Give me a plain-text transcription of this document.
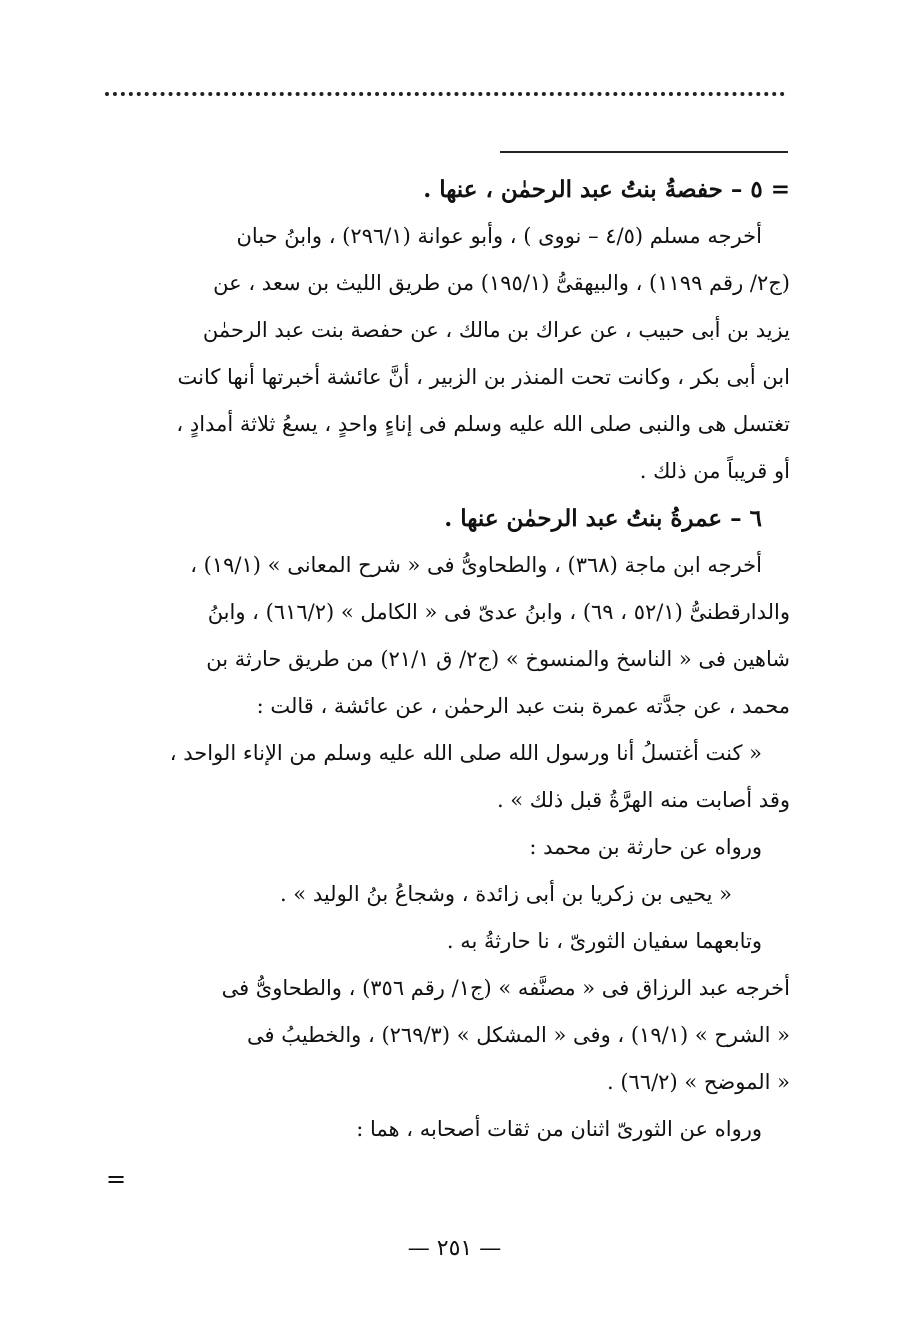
= ٥ – حفصةُ بنتُ عبد الرحمٰن ، عنها .
أخرجه مسلم (٤/٥ – نووى ) ، وأبو عوانة (٢٩٦/١) ، وابنُ حبان
(ج٢/ رقم ١١٩٩) ، والبيهقىُّ (١٩٥/١) من طريق الليث بن سعد ، عن
يزيد بن أبى حبيب ، عن عراك بن مالك ، عن حفصة بنت عبد الرحمٰن
ابن أبى بكر ، وكانت تحت المنذر بن الزبير ، أنَّ عائشة أخبرتها أنها كانت
تغتسل هى والنبى صلى الله عليه وسلم فى إناءٍ واحدٍ ، يسعُ ثلاثة أمدادٍ ،
أو قريباً من ذلك .
٦ – عمرةُ بنتُ عبد الرحمٰن عنها .
أخرجه ابن ماجة (٣٦٨) ، والطحاوىُّ فى « شرح المعانى » (١٩/١) ،
والدارقطنىُّ (٥٢/١ ، ٦٩) ، وابنُ عدىّ فى « الكامل » (٦١٦/٢) ، وابنُ
شاهين فى « الناسخ والمنسوخ » (ج٢/ ق ٢١/١) من طريق حارثة بن
محمد ، عن جدَّته عمرة بنت عبد الرحمٰن ، عن عائشة ، قالت :
« كنت أغتسلُ أنا ورسول الله صلى الله عليه وسلم من الإناء الواحد ،
وقد أصابت منه الهرَّةُ قبل ذلك » .
ورواه عن حارثة بن محمد :
« يحيى بن زكريا بن أبى زائدة ، وشجاعُ بنُ الوليد » .
وتابعهما سفيان الثورىّ ، نا حارثةُ به .
أخرجه عبد الرزاق فى « مصنَّفه » (ج١/ رقم ٣٥٦) ، والطحاوىُّ فى
« الشرح » (١٩/١) ، وفى « المشكل » (٢٦٩/٣) ، والخطيبُ فى
« الموضح » (٦٦/٢) .
ورواه عن الثورىّ اثنان من ثقات أصحابه ، هما :
=
— ٢٥١ —
